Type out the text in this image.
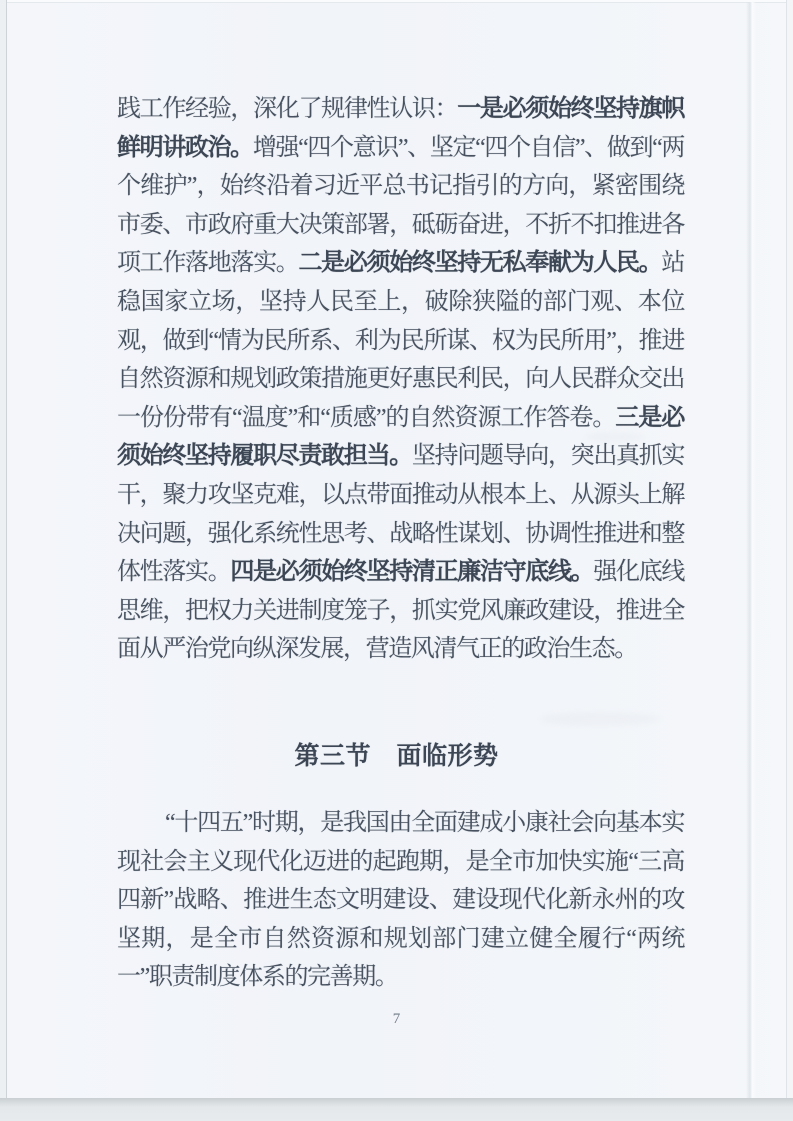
践工作经验，深化了规律性认识：一是必须始终坚持旗帜鲜明讲政治。增强“四个意识”、坚定“四个自信”、做到“两个维护”，始终沿着习近平总书记指引的方向，紧密围绕市委、市政府重大决策部署，砥砺奋进，不折不扣推进各项工作落地落实。二是必须始终坚持无私奉献为人民。站稳国家立场，坚持人民至上，破除狭隘的部门观、本位观，做到“情为民所系、利为民所谋、权为民所用”，推进自然资源和规划政策措施更好惠民利民，向人民群众交出一份份带有“温度”和“质感”的自然资源工作答卷。三是必须始终坚持履职尽责敢担当。坚持问题导向，突出真抓实干，聚力攻坚克难，以点带面推动从根本上、从源头上解决问题，强化系统性思考、战略性谋划、协调性推进和整体性落实。四是必须始终坚持清正廉洁守底线。强化底线思维，把权力关进制度笼子，抓实党风廉政建设，推进全面从严治党向纵深发展，营造风清气正的政治生态。
第三节　面临形势
“十四五”时期，是我国由全面建成小康社会向基本实现社会主义现代化迈进的起跑期，是全市加快实施“三高四新”战略、推进生态文明建设、建设现代化新永州的攻坚期，是全市自然资源和规划部门建立健全履行“两统一”职责制度体系的完善期。
7
